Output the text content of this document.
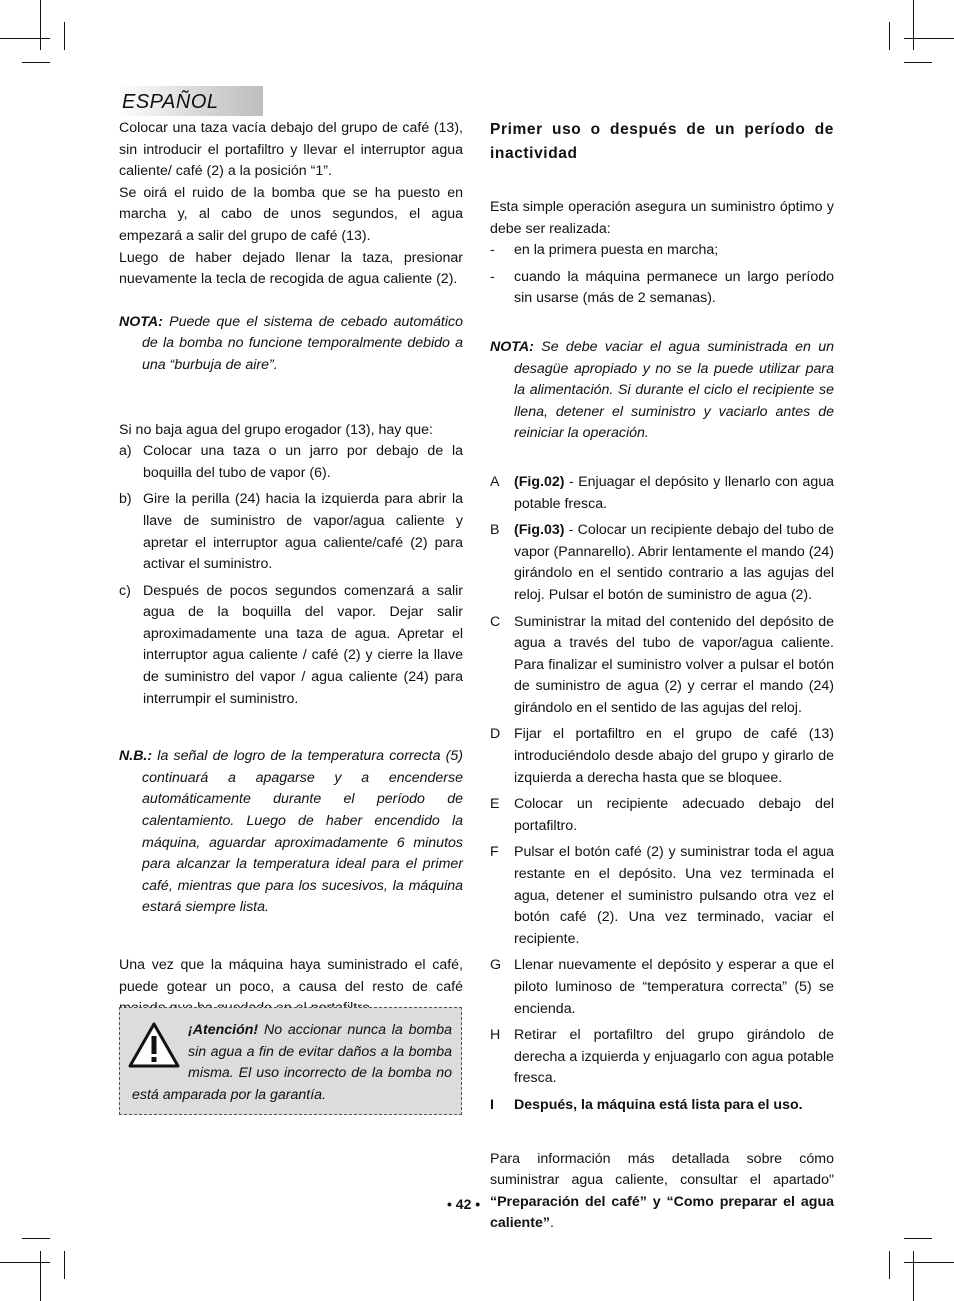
ESPAÑOL

Colocar una taza vacía debajo del grupo de café (13), sin introducir el portafiltro y llevar el interruptor agua caliente/ café (2) a la posición “1”.

Se oirá el ruido de la bomba que se ha puesto en marcha y, al cabo de unos segundos, el agua empezará a salir del grupo de café (13).

Luego de haber dejado llenar la taza, presionar nuevamente la tecla de recogida de agua caliente (2).

NOTA: Puede que el sistema de cebado automático de la bomba no funcione temporalmente debido a una “burbuja de aire”.

Si no baja agua del grupo erogador (13), hay que:

a) Colocar una taza o un jarro por debajo de la boquilla del tubo de vapor (6).
b) Gire la perilla (24) hacia la izquierda para abrir la llave de suministro de vapor/agua caliente y apretar el interruptor agua caliente/café (2) para activar el suministro.
c) Después de pocos segundos comenzará a salir agua de la boquilla del vapor. Dejar salir aproximadamente una taza de agua. Apretar el interruptor agua caliente / café (2) y cierre la llave de suministro del vapor / agua caliente (24) para interrumpir el suministro.

N.B.: la señal de logro de la temperatura correcta (5) continuará a apagarse y a encenderse automáticamente durante el período de calentamiento. Luego de haber encendido la máquina, aguardar aproximadamente 6 minutos para alcanzar la temperatura ideal para el primer café, mientras que para los sucesivos, la máquina estará siempre lista.

Una vez que la máquina haya suministrado el café, puede gotear un poco, a causa del resto de café

¡Atención! No accionar nunca la bomba sin agua a fin de evitar daños a la bomba misma. El uso incorrecto de la bomba no está amparada por la garantía.
Primer uso o después de un período de inactividad

Esta simple operación asegura un suministro óptimo y debe ser realizada:

- en la primera puesta en marcha;
- cuando la máquina permanece un largo período sin usarse (más de 2 semanas).

NOTA: Se debe vaciar el agua suministrada en un desagüe apropiado y no se la puede utilizar para la alimentación. Si durante el ciclo el recipiente se llena, detener el suministro y vaciarlo antes de reiniciar la operación.

A (Fig.02) - Enjuagar el depósito y llenarlo con agua potable fresca.
B (Fig.03) - Colocar un recipiente debajo del tubo de vapor (Pannarello). Abrir lentamente el mando (24) girándolo en el sentido contrario a las agujas del reloj. Pulsar el botón de suministro de agua (2).
C Suministrar la mitad del contenido del depósito de agua a través del tubo de vapor/agua caliente. Para finalizar el suministro volver a pulsar el botón de suministro de agua (2) y cerrar el mando (24) girándolo en el sentido de las agujas del reloj.
D Fijar el portafiltro en el grupo de café (13) introduciéndolo desde abajo del grupo y girarlo de izquierda a derecha hasta que se bloquee.
E Colocar un recipiente adecuado debajo del portafiltro.
F Pulsar el botón café (2) y suministrar toda el agua restante en el depósito. Una vez terminada el agua, detener el suministro pulsando otra vez el botón café (2). Una vez terminado, vaciar el recipiente.
G Llenar nuevamente el depósito y esperar a que el piloto luminoso de “temperatura correcta” (5) se encienda.
H Retirar el portafiltro del grupo girándolo de derecha a izquierda y enjuagarlo con agua potable fresca.
I Después, la máquina está lista para el uso.

Para información más detallada sobre cómo suministrar agua caliente, consultar el apartado" “Preparación del café” y “Como preparar el agua caliente”.

• 42 •
